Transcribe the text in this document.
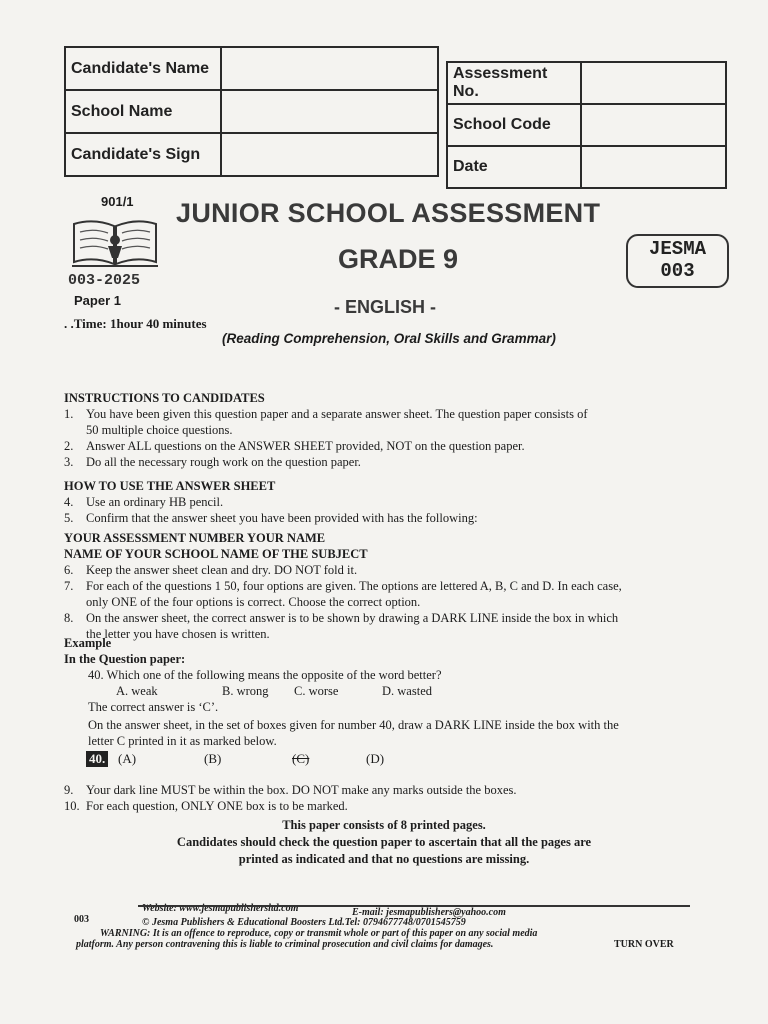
Candidate's Name	
School Name	
Candidate's Sign	
Assessment No.	
School Code	
Date	
901/1
003-2025
Paper 1
. .Time: 1hour 40 minutes
JUNIOR SCHOOL ASSESSMENT
GRADE 9
- ENGLISH -
(Reading Comprehension, Oral Skills and Grammar)
JESMA
003
INSTRUCTIONS TO CANDIDATES
1.	You have been given this question paper and a separate answer sheet. The question paper consists of
50 multiple choice questions.
2.	Answer ALL questions on the ANSWER SHEET provided, NOT on the question paper.
3.	Do all the necessary rough work on the question paper.
HOW TO USE THE ANSWER SHEET
4.	Use an ordinary HB pencil.
5.	Confirm that the answer sheet you have been provided with has the following:
YOUR ASSESSMENT NUMBER YOUR NAME
NAME OF YOUR SCHOOL NAME OF THE SUBJECT
6.	Keep the answer sheet clean and dry. DO NOT fold it.
7.	For each of the questions 1 50, four options are given. The options are lettered A, B, C and D. In each case,
only ONE of the four options is correct. Choose the correct option.
8.	On the answer sheet, the correct answer is to be shown by drawing a DARK LINE inside the box in which
the letter you have chosen is written.
Example
In the Question paper:
40. Which one of the following means the opposite of the word better?
A. weak	B. wrong C. worse	D. wasted
The correct answer is ‘C’.
On the answer sheet, in the set of boxes given for number 40, draw a DARK LINE inside the box with the
letter C printed in it as marked below.
40. (A)	(B)	(C)	(D)
9.	Your dark line MUST be within the box. DO NOT make any marks outside the boxes.
10. For each question, ONLY ONE box is to be marked.
This paper consists of 8 printed pages.
Candidates should check the question paper to ascertain that all the pages are
printed as indicated and that no questions are missing.
Website: www.jesmapublishersltd.com	E-mail: jesmapublishers@yahoo.com
003	© Jesma Publishers & Educational Boosters Ltd.Tel: 0794677748/0701545759
WARNING: It is an offence to reproduce, copy or transmit whole or part of this paper on any social media
platform. Any person contravening this is liable to criminal prosecution and civil claims for damages.	TURN OVER
